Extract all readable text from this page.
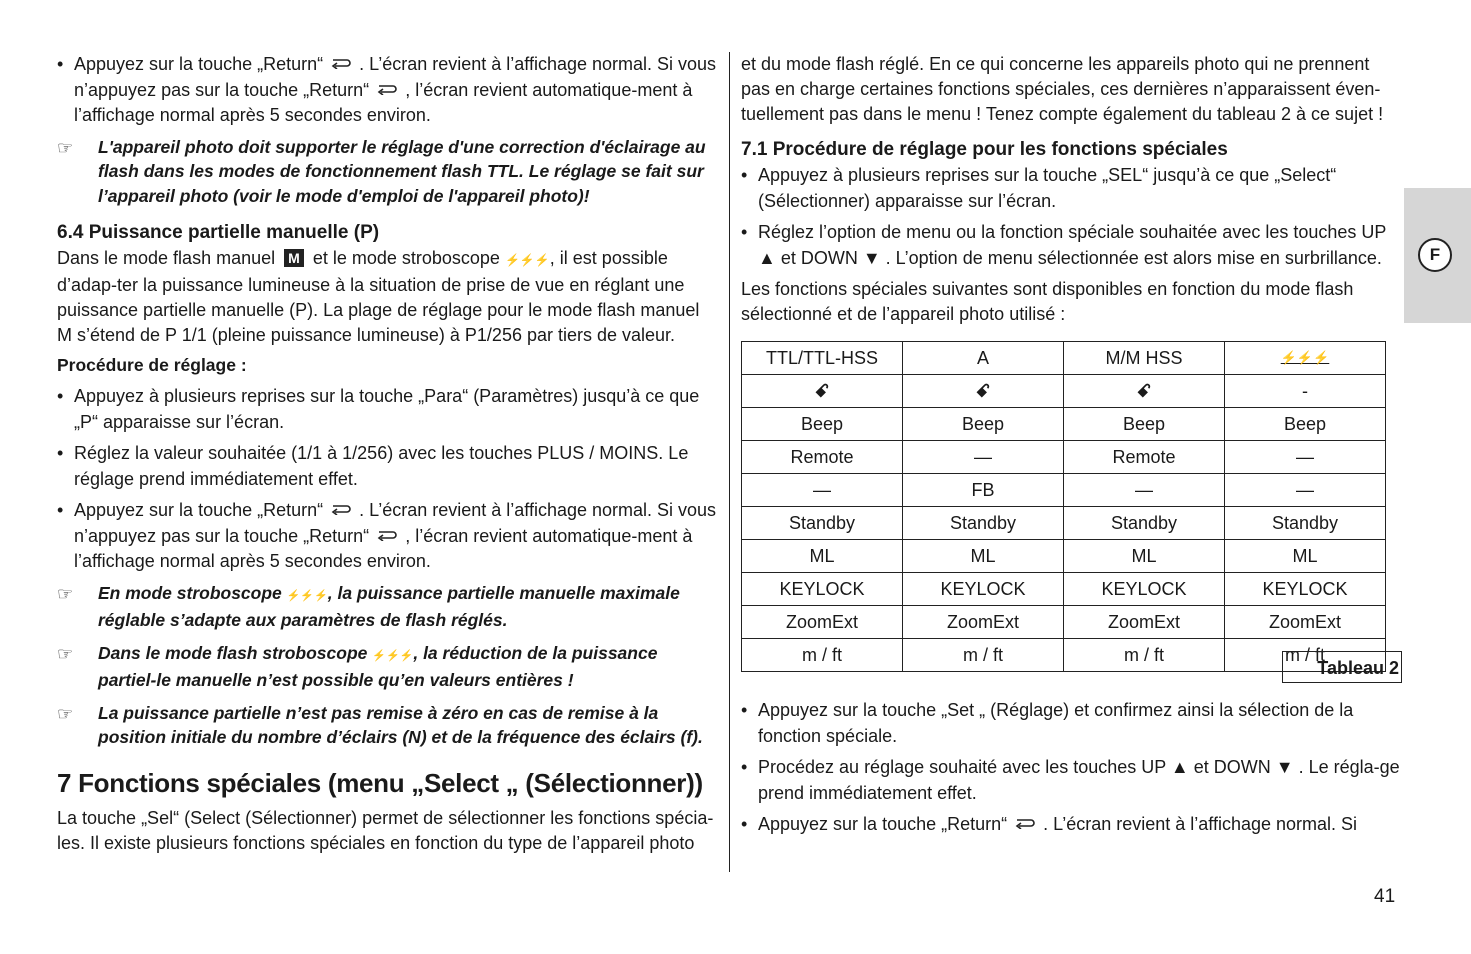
• Appuyez sur la touche „Return“ . L’écran revient à l’affichage normal. Si vous n’appuyez pas sur la touche „Return“ , l’écran revient automatique-ment à l’affichage normal après 5 secondes environ.
☞ L'appareil photo doit supporter le réglage d'une correction d'éclairage au flash dans les modes de fonctionnement flash TTL. Le réglage se fait sur l’appareil photo (voir le mode d'emploi de l'appareil photo)!
6.4 Puissance partielle manuelle (P)

Dans le mode flash manuel M et le mode stroboscope ⚡⚡⚡, il est possible d’adap-ter la puissance lumineuse à la situation de prise de vue en réglant une puissance partielle manuelle (P). La plage de réglage pour le mode flash manuel M s’étend de P 1/1 (pleine puissance lumineuse) à P1/256 par tiers de valeur.

Procédure de réglage :
• Appuyez à plusieurs reprises sur la touche „Para“ (Paramètres) jusqu’à ce que „P“ apparaisse sur l’écran.
• Réglez la valeur souhaitée (1/1 à 1/256) avec les touches PLUS / MOINS. Le réglage prend immédiatement effet.
• Appuyez sur la touche „Return“ . L’écran revient à l’affichage normal. Si vous n’appuyez pas sur la touche „Return“ , l’écran revient automatique-ment à l’affichage normal après 5 secondes environ.
☞ En mode stroboscope ⚡⚡⚡, la puissance partielle manuelle maximale réglable s’adapte aux paramètres de flash réglés.
☞ Dans le mode flash stroboscope ⚡⚡⚡, la réduction de la puissance partiel-le manuelle n’est possible qu’en valeurs entières !
☞ La puissance partielle n’est pas remise à zéro en cas de remise à la position initiale du nombre d’éclairs (N) et de la fréquence des éclairs (f).
7 Fonctions spéciales (menu „Select „ (Sélectionner))

La touche „Sel“ (Select (Sélectionner) permet de sélectionner les fonctions spécia-les. Il existe plusieurs fonctions spéciales en fonction du type de l’appareil photo

et du mode flash réglé. En ce qui concerne les appareils photo qui ne prennent pas en charge certaines fonctions spéciales, ces dernières n’apparaissent éven-tuellement pas dans le menu ! Tenez compte également du tableau 2 à ce sujet !

7.1 Procédure de réglage pour les fonctions spéciales
• Appuyez à plusieurs reprises sur la touche „SEL“ jusqu’à ce que „Select“ (Sélectionner) apparaisse sur l’écran.
• Réglez l’option de menu ou la fonction spéciale souhaitée avec les touches UP ▲ et DOWN ▼ . L’option de menu sélectionnée est alors mise en surbrillance.

Les fonctions spéciales suivantes sont disponibles en fonction du mode flash sélectionné et de l’appareil photo utilisé :

TTL/TTL-HSS	A	M/M HSS	⚡⚡⚡
ꗃ	ꗃ	ꗃ	-
Beep	Beep	Beep	Beep
Remote	—	Remote	—
—	FB	—	—
Standby	Standby	Standby	Standby
ML	ML	ML	ML
KEYLOCK	KEYLOCK	KEYLOCK	KEYLOCK
ZoomExt	ZoomExt	ZoomExt	ZoomExt
m / ft	m / ft	m / ft	m / ft
• Appuyez sur la touche „Set „ (Réglage) et confirmez ainsi la sélection de la fonction spéciale.
• Procédez au réglage souhaité avec les touches UP ▲ et DOWN ▼ . Le régla-ge prend immédiatement effet.
• Appuyez sur la touche „Return“ . L’écran revient à l’affichage normal. Si
Tableau 2
F
41
